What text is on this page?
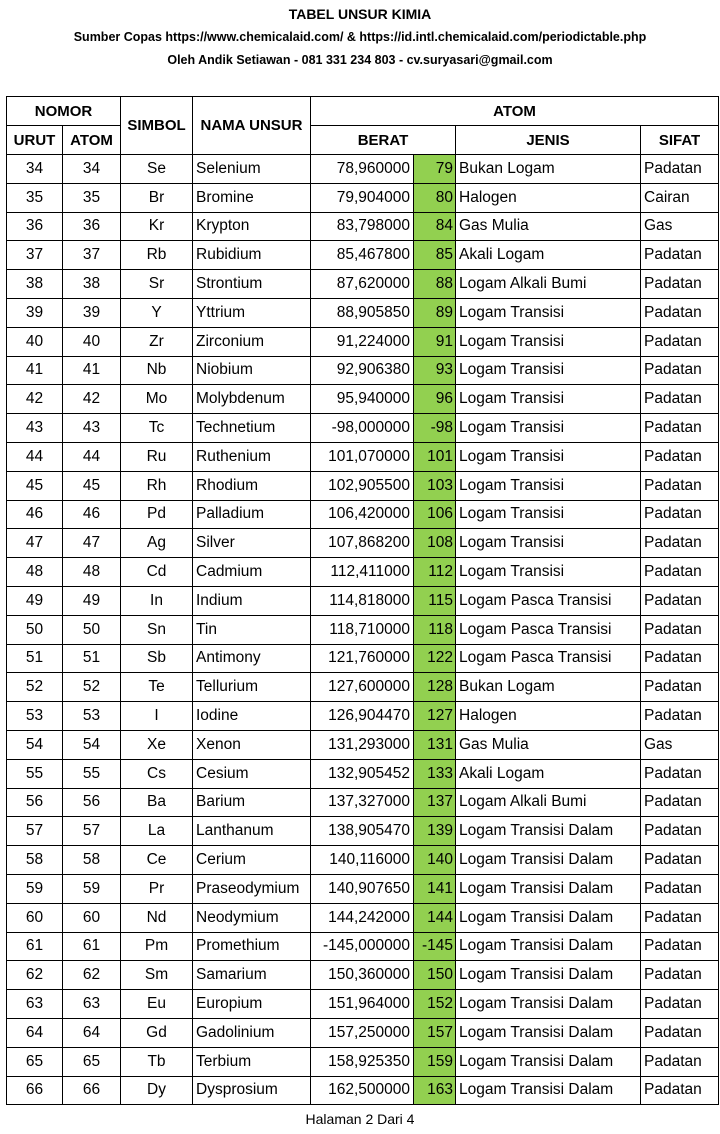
TABEL UNSUR KIMIA
Sumber Copas https://www.chemicalaid.com/ & https://id.intl.chemicalaid.com/periodictable.php
Oleh Andik Setiawan - 081 331 234 803 - cv.suryasari@gmail.com
NOMOR		SIMBOL	NAMA UNSUR	ATOM			
URUT	ATOM			BERAT		JENIS	SIFAT
34	34	Se	Selenium	78,960000	79	Bukan Logam	Padatan
35	35	Br	Bromine	79,904000	80	Halogen	Cairan
36	36	Kr	Krypton	83,798000	84	Gas Mulia	Gas
37	37	Rb	Rubidium	85,467800	85	Akali Logam	Padatan
38	38	Sr	Strontium	87,620000	88	Logam Alkali Bumi	Padatan
39	39	Y	Yttrium	88,905850	89	Logam Transisi	Padatan
40	40	Zr	Zirconium	91,224000	91	Logam Transisi	Padatan
41	41	Nb	Niobium	92,906380	93	Logam Transisi	Padatan
42	42	Mo	Molybdenum	95,940000	96	Logam Transisi	Padatan
43	43	Tc	Technetium	-98,000000	-98	Logam Transisi	Padatan
44	44	Ru	Ruthenium	101,070000	101	Logam Transisi	Padatan
45	45	Rh	Rhodium	102,905500	103	Logam Transisi	Padatan
46	46	Pd	Palladium	106,420000	106	Logam Transisi	Padatan
47	47	Ag	Silver	107,868200	108	Logam Transisi	Padatan
48	48	Cd	Cadmium	112,411000	112	Logam Transisi	Padatan
49	49	In	Indium	114,818000	115	Logam Pasca Transisi	Padatan
50	50	Sn	Tin	118,710000	118	Logam Pasca Transisi	Padatan
51	51	Sb	Antimony	121,760000	122	Logam Pasca Transisi	Padatan
52	52	Te	Tellurium	127,600000	128	Bukan Logam	Padatan
53	53	I	Iodine	126,904470	127	Halogen	Padatan
54	54	Xe	Xenon	131,293000	131	Gas Mulia	Gas
55	55	Cs	Cesium	132,905452	133	Akali Logam	Padatan
56	56	Ba	Barium	137,327000	137	Logam Alkali Bumi	Padatan
57	57	La	Lanthanum	138,905470	139	Logam Transisi Dalam	Padatan
58	58	Ce	Cerium	140,116000	140	Logam Transisi Dalam	Padatan
59	59	Pr	Praseodymium	140,907650	141	Logam Transisi Dalam	Padatan
60	60	Nd	Neodymium	144,242000	144	Logam Transisi Dalam	Padatan
61	61	Pm	Promethium	-145,000000	-145	Logam Transisi Dalam	Padatan
62	62	Sm	Samarium	150,360000	150	Logam Transisi Dalam	Padatan
63	63	Eu	Europium	151,964000	152	Logam Transisi Dalam	Padatan
64	64	Gd	Gadolinium	157,250000	157	Logam Transisi Dalam	Padatan
65	65	Tb	Terbium	158,925350	159	Logam Transisi Dalam	Padatan
66	66	Dy	Dysprosium	162,500000	163	Logam Transisi Dalam	Padatan
Halaman 2 Dari 4
